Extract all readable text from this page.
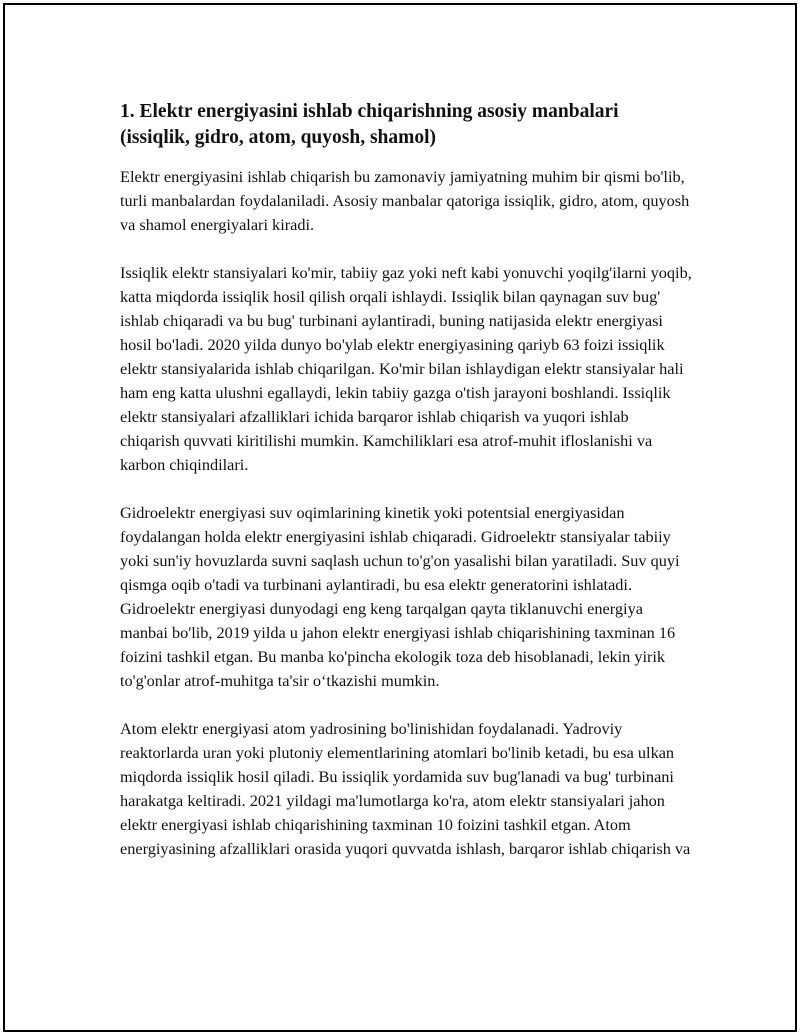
1. Elektr energiyasini ishlab chiqarishning asosiy manbalari (issiqlik, gidro, atom, quyosh, shamol)

Elektr energiyasini ishlab chiqarish bu zamonaviy jamiyatning muhim bir qismi bo'lib, turli manbalardan foydalaniladi. Asosiy manbalar qatoriga issiqlik, gidro, atom, quyosh va shamol energiyalari kiradi.

Issiqlik elektr stansiyalari ko'mir, tabiiy gaz yoki neft kabi yonuvchi yoqilg'ilarni yoqib, katta miqdorda issiqlik hosil qilish orqali ishlaydi. Issiqlik bilan qaynagan suv bug' ishlab chiqaradi va bu bug' turbinani aylantiradi, buning natijasida elektr energiyasi hosil bo'ladi. 2020 yilda dunyo bo'ylab elektr energiyasining qariyb 63 foizi issiqlik elektr stansiyalarida ishlab chiqarilgan. Ko'mir bilan ishlaydigan elektr stansiyalar hali ham eng katta ulushni egallaydi, lekin tabiiy gazga o'tish jarayoni boshlandi. Issiqlik elektr stansiyalari afzalliklari ichida barqaror ishlab chiqarish va yuqori ishlab chiqarish quvvati kiritilishi mumkin. Kamchiliklari esa atrof-muhit ifloslanishi va karbon chiqindilari.

Gidroelektr energiyasi suv oqimlarining kinetik yoki potentsial energiyasidan foydalangan holda elektr energiyasini ishlab chiqaradi. Gidroelektr stansiyalar tabiiy yoki sun'iy hovuzlarda suvni saqlash uchun to'g'on yasalishi bilan yaratiladi. Suv quyi qismga oqib o'tadi va turbinani aylantiradi, bu esa elektr generatorini ishlatadi. Gidroelektr energiyasi dunyodagi eng keng tarqalgan qayta tiklanuvchi energiya manbai bo'lib, 2019 yilda u jahon elektr energiyasi ishlab chiqarishining taxminan 16 foizini tashkil etgan. Bu manba ko'pincha ekologik toza deb hisoblanadi, lekin yirik to'g'onlar atrof-muhitga ta'sir o‘tkazishi mumkin.

Atom elektr energiyasi atom yadrosining bo'linishidan foydalanadi. Yadroviy reaktorlarda uran yoki plutoniy elementlarining atomlari bo'linib ketadi, bu esa ulkan miqdorda issiqlik hosil qiladi. Bu issiqlik yordamida suv bug'lanadi va bug' turbinani harakatga keltiradi. 2021 yildagi ma'lumotlarga ko'ra, atom elektr stansiyalari jahon elektr energiyasi ishlab chiqarishining taxminan 10 foizini tashkil etgan. Atom energiyasining afzalliklari orasida yuqori quvvatda ishlash, barqaror ishlab chiqarish va
